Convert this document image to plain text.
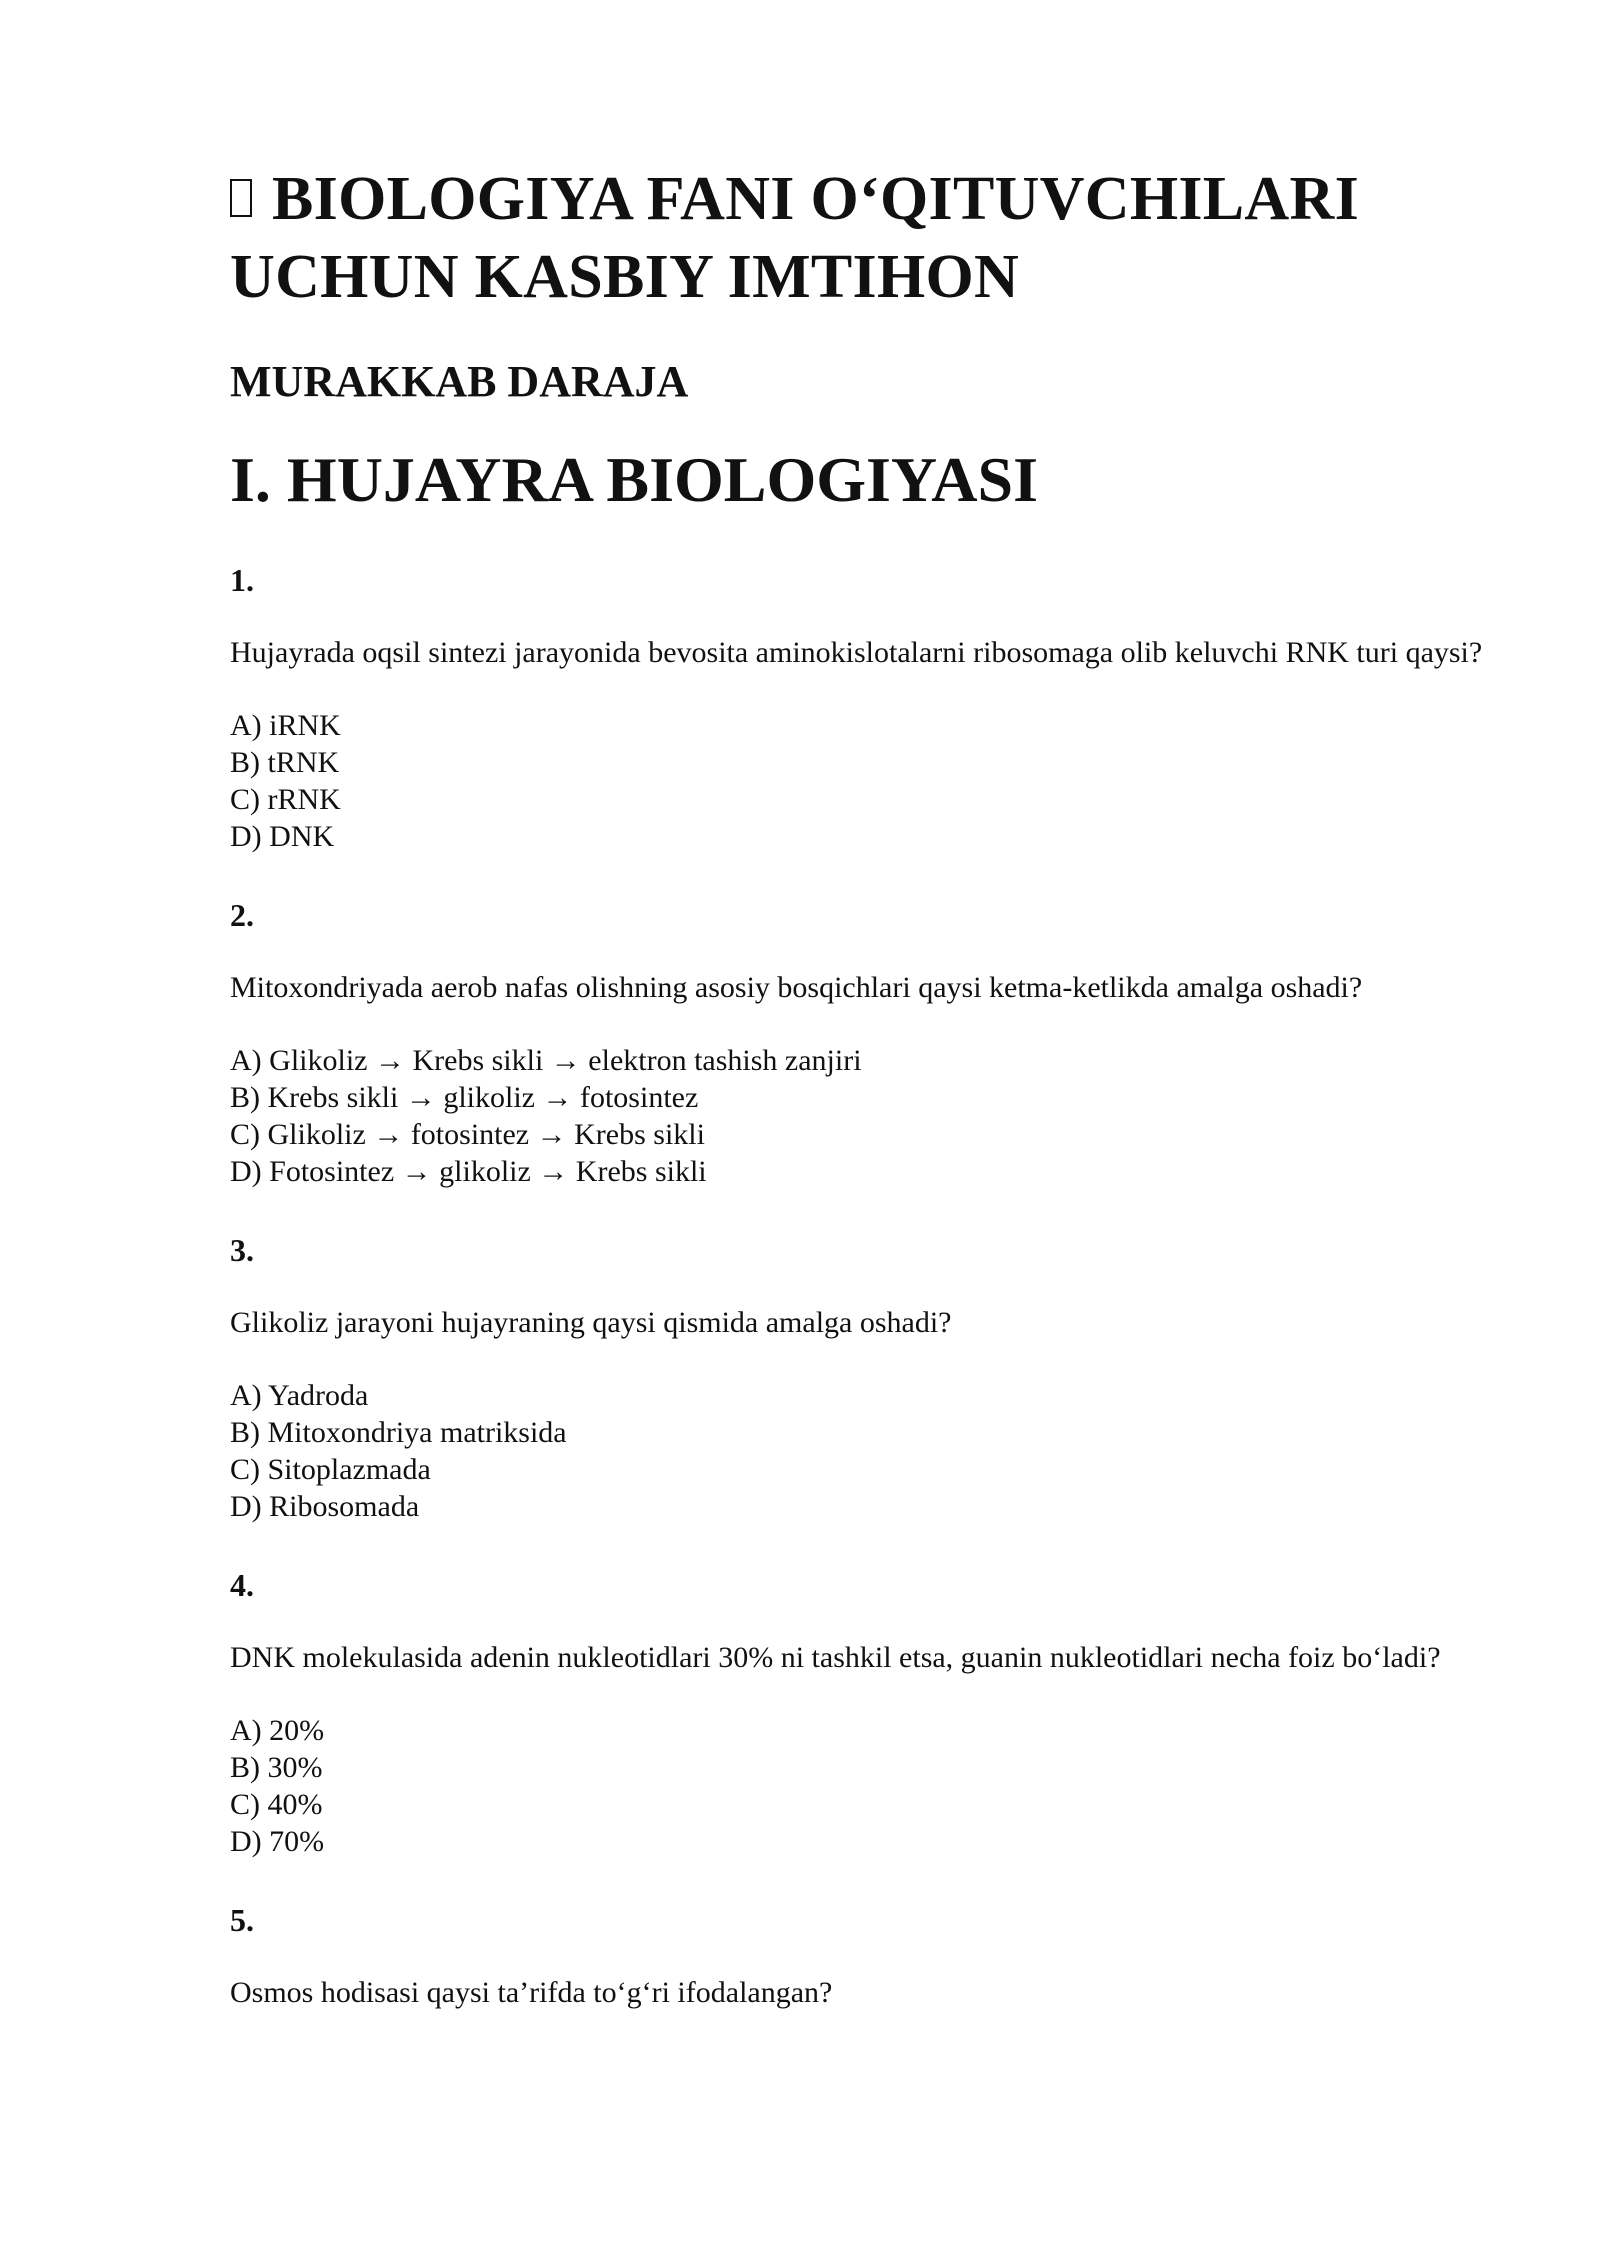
BIOLOGIYA FANI O‘QITUVCHILARI
UCHUN KASBIY IMTIHON
MURAKKAB DARAJA
I. HUJAYRA BIOLOGIYASI

1.

Hujayrada oqsil sintezi jarayonida bevosita aminokislotalarni ribosomaga olib keluvchi RNK turi qaysi?

A) iRNK
B) tRNK
C) rRNK
D) DNK

2.

Mitoxondriyada aerob nafas olishning asosiy bosqichlari qaysi ketma-ketlikda amalga oshadi?

A) Glikoliz → Krebs sikli → elektron tashish zanjiri
B) Krebs sikli → glikoliz → fotosintez
C) Glikoliz → fotosintez → Krebs sikli
D) Fotosintez → glikoliz → Krebs sikli

3.

Glikoliz jarayoni hujayraning qaysi qismida amalga oshadi?

A) Yadroda
B) Mitoxondriya matriksida
C) Sitoplazmada
D) Ribosomada

4.

DNK molekulasida adenin nukleotidlari 30% ni tashkil etsa, guanin nukleotidlari necha foiz bo‘ladi?

A) 20%
B) 30%
C) 40%
D) 70%

5.

Osmos hodisasi qaysi ta’rifda to‘g‘ri ifodalangan?
